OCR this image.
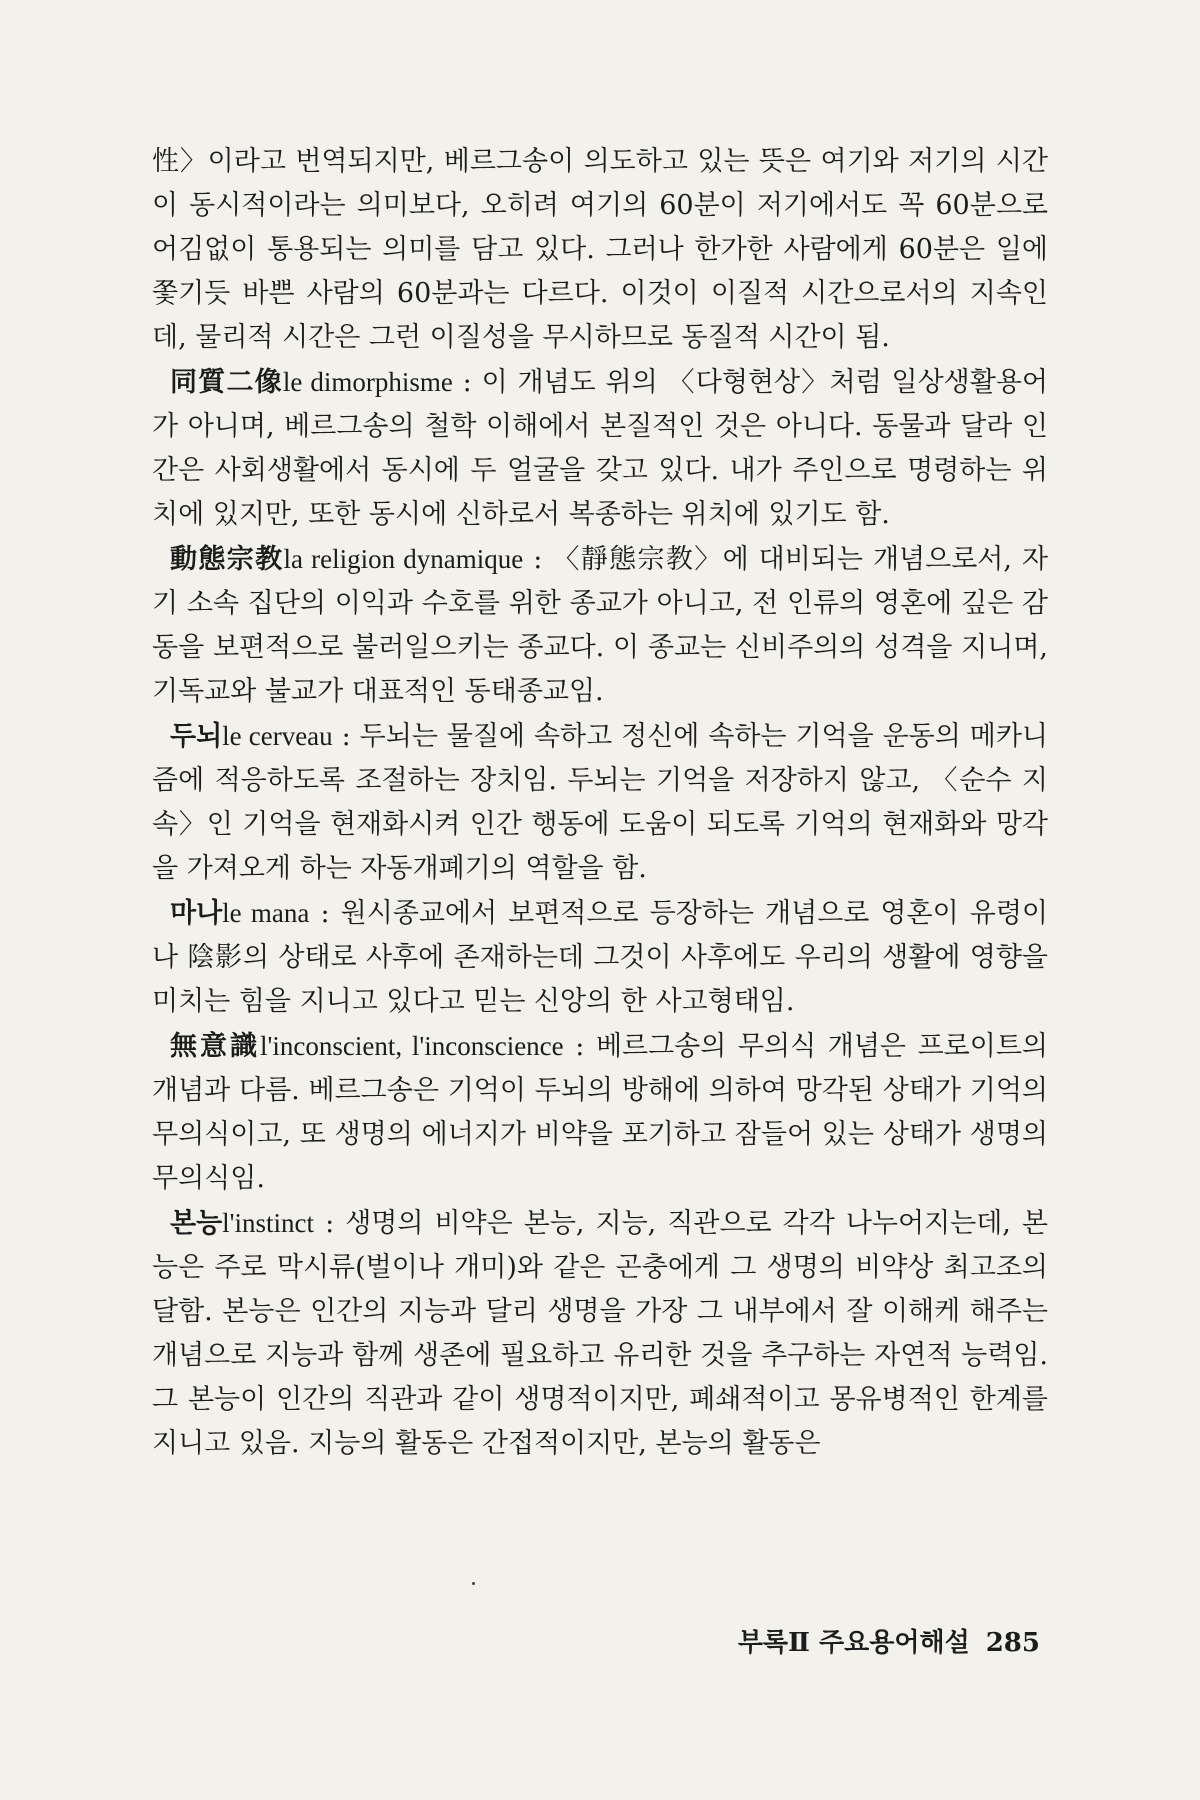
性〉이라고 번역되지만, 베르그송이 의도하고 있는 뜻은 여기와 저기의 시간이 동시적이라는 의미보다, 오히려 여기의 60분이 저기에서도 꼭 60분으로 어김없이 통용되는 의미를 담고 있다. 그러나 한가한 사람에게 60분은 일에 쫓기듯 바쁜 사람의 60분과는 다르다. 이것이 이질적 시간으로서의 지속인데, 물리적 시간은 그런 이질성을 무시하므로 동질적 시간이 됨.

同質二像le dimorphisme : 이 개념도 위의 〈다형현상〉처럼 일상생활용어가 아니며, 베르그송의 철학 이해에서 본질적인 것은 아니다. 동물과 달라 인간은 사회생활에서 동시에 두 얼굴을 갖고 있다. 내가 주인으로 명령하는 위치에 있지만, 또한 동시에 신하로서 복종하는 위치에 있기도 함.

動態宗教la religion dynamique : 〈靜態宗教〉에 대비되는 개념으로서, 자기 소속 집단의 이익과 수호를 위한 종교가 아니고, 전 인류의 영혼에 깊은 감동을 보편적으로 불러일으키는 종교다. 이 종교는 신비주의의 성격을 지니며, 기독교와 불교가 대표적인 동태종교임.

두뇌le cerveau : 두뇌는 물질에 속하고 정신에 속하는 기억을 운동의 메카니즘에 적응하도록 조절하는 장치임. 두뇌는 기억을 저장하지 않고, 〈순수 지속〉인 기억을 현재화시켜 인간 행동에 도움이 되도록 기억의 현재화와 망각을 가져오게 하는 자동개폐기의 역할을 함.

마나le mana : 원시종교에서 보편적으로 등장하는 개념으로 영혼이 유령이나 陰影의 상태로 사후에 존재하는데 그것이 사후에도 우리의 생활에 영향을 미치는 힘을 지니고 있다고 믿는 신앙의 한 사고형태임.

無意識l'inconscient, l'inconscience : 베르그송의 무의식 개념은 프로이트의 개념과 다름. 베르그송은 기억이 두뇌의 방해에 의하여 망각된 상태가 기억의 무의식이고, 또 생명의 에너지가 비약을 포기하고 잠들어 있는 상태가 생명의 무의식임.

본능l'instinct : 생명의 비약은 본능, 지능, 직관으로 각각 나누어지는데, 본능은 주로 막시류(벌이나 개미)와 같은 곤충에게 그 생명의 비약상 최고조의 달함. 본능은 인간의 지능과 달리 생명을 가장 그 내부에서 잘 이해케 해주는 개념으로 지능과 함께 생존에 필요하고 유리한 것을 추구하는 자연적 능력임. 그 본능이 인간의 직관과 같이 생명적이지만, 폐쇄적이고 몽유병적인 한계를 지니고 있음. 지능의 활동은 간접적이지만, 본능의 활동은

부록Ⅱ 주요용어해설 285
